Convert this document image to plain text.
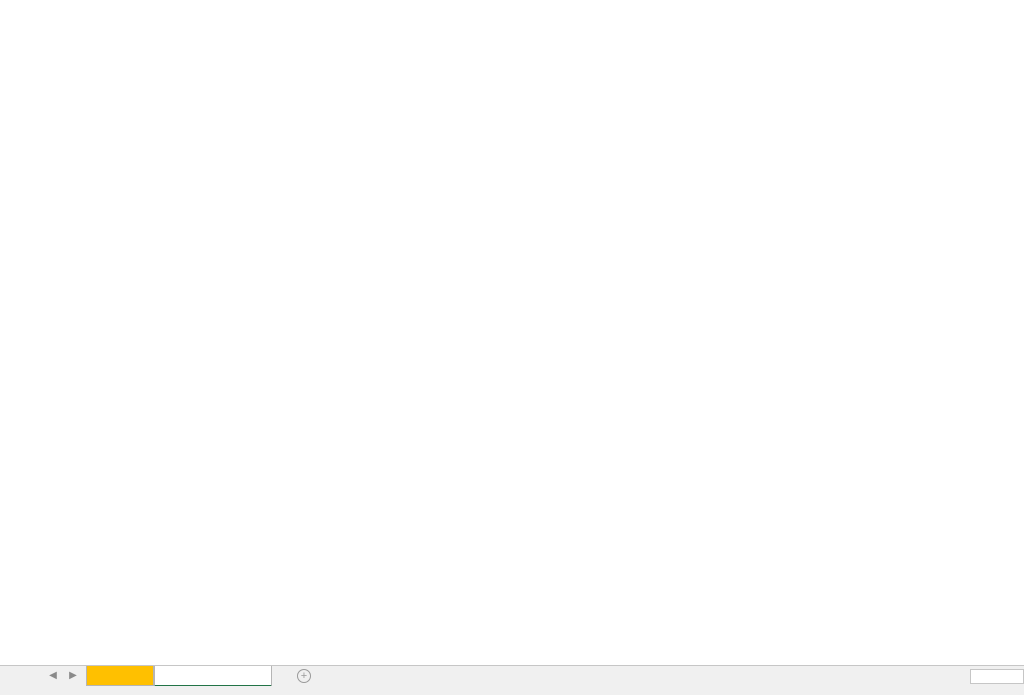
◀	▶	+
